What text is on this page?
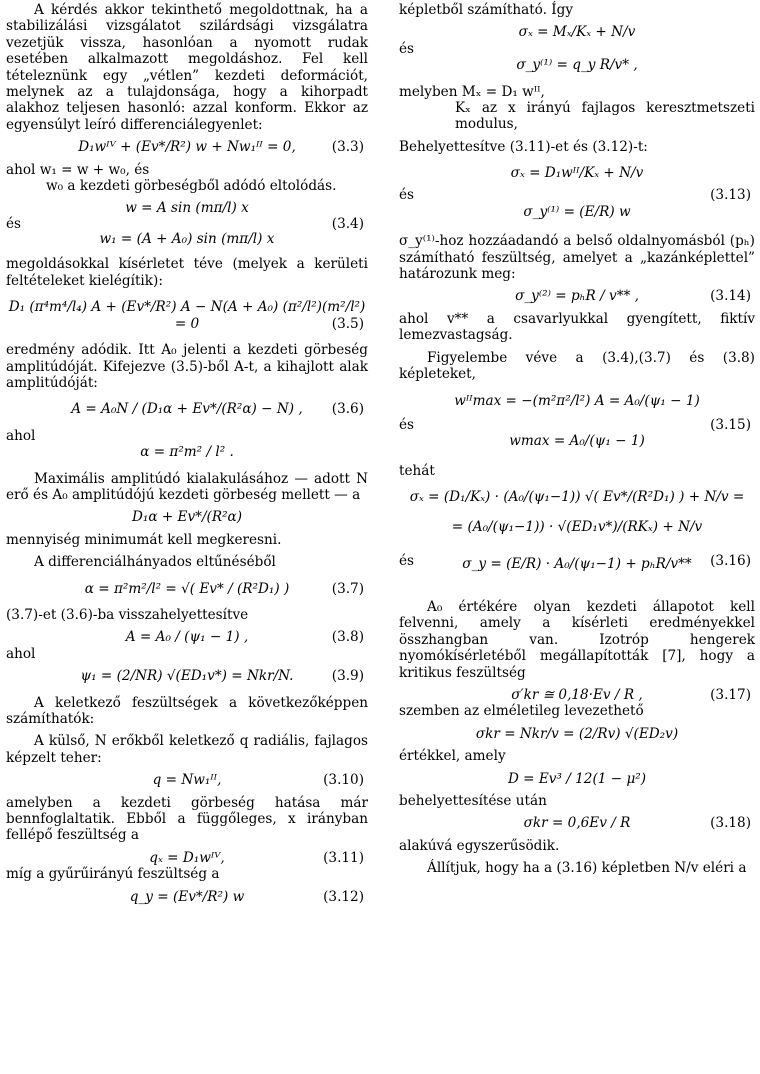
A kérdés akkor tekinthető megoldottnak, ha a stabilizálási vizsgálatot szilárdsági vizsgálatra vezetjük vissza, hasonlóan a nyomott rudak esetében alkalmazott megoldáshoz. Fel kell tételeznünk egy „vétlen” kezdeti deformációt, melynek az a tulajdonsága, hogy a kihorpadt alakhoz teljesen hasonló: azzal konform. Ekkor az egyensúlyt leíró differenciálegyenlet:

D₁wᴵⱽ + (Ev*/R²) w + Nw₁ᴵᴵ = 0,	(3.3)

ahol w₁ = w + w₀, és

w₀ a kezdeti görbeségből adódó eltolódás.

w = A sin (mπ/l) x
és	(3.4)
w₁ = (A + A₀) sin (mπ/l) x

megoldásokkal kísérletet téve (melyek a kerületi feltételeket kielégítik):

D₁ (π⁴m⁴/l₄) A + (Ev*/R²) A − N(A + A₀) (π²/l²)(m²/l²) = 0	(3.5)

eredmény adódik. Itt A₀ jelenti a kezdeti görbeség amplitúdóját. Kifejezve (3.5)-ből A-t, a kihajlott alak amplitúdóját:

A = A₀N / (D₁α + Ev*/(R²α) − N) , (3.6)

ahol

α = π²m² / l² .

Maximális amplitúdó kialakulásához — adott N erő és A₀ amplitúdójú kezdeti görbeség mellett — a

D₁α + Ev*/(R²α)

mennyiség minimumát kell megkeresni.

A differenciálhányados eltűnéséből

α = π²m²/l² = √( Ev* / (R²D₁) )	(3.7)

(3.7)-et (3.6)-ba visszahelyettesítve

A = A₀ / (ψ₁ − 1) ,	(3.8)

ahol

ψ₁ = (2/NR) √(ED₁v*) = Nkr/N.	(3.9)

A keletkező feszültségek a következőképpen számíthatók:

A külső, N erőkből keletkező q radiális, fajlagos képzelt teher:

q = Nw₁ᴵᴵ,	(3.10)

amelyben a kezdeti görbeség hatása már bennfoglaltatik. Ebből a függőleges, x irányban fellépő feszültség a

qₓ = D₁wᴵⱽ,	(3.11)

míg a gyűrűirányú feszültség a

q_y = (Ev*/R²) w	(3.12)

képletből számítható. Így

σₓ = Mₓ/Kₓ + N/v

és

σ_y⁽¹⁾ = q_y R/v* ,

melyben Mₓ = D₁ wᴵᴵ,

Kₓ az x irányú fajlagos keresztmetszeti modulus,

Behelyettesítve (3.11)-et és (3.12)-t:

σₓ = D₁wᴵᴵ/Kₓ + N/v
és	(3.13)
σ_y⁽¹⁾ = (E/R) w

σ_y⁽¹⁾-hoz hozzáadandó a belső oldalnyomásból (pₕ) számítható feszültség, amelyet a „kazánképlettel” határozunk meg:

σ_y⁽²⁾ = pₕR / v** ,	(3.14)

ahol v** a csavarlyukkal gyengített, fiktív lemezvastagság.

Figyelembe véve a (3.4),(3.7) és (3.8) képleteket,

wᴵᴵmax = −(m²π²/l²) A = A₀/(ψ₁ − 1)
és	(3.15)
wmax = A₀/(ψ₁ − 1)

tehát

σₓ = (D₁/Kₓ) · (A₀/(ψ₁−1)) √( Ev*/(R²D₁) ) + N/v =
= (A₀/(ψ₁−1)) · √(ED₁v*)/(RKₓ) + N/v
és	(3.16)
σ_y = (E/R) · A₀/(ψ₁−1) + pₕR/v**

A₀ értékére olyan kezdeti állapotot kell felvenni, amely a kísérleti eredményekkel összhangban van. Izotróp hengerek nyomókísérletéből megállapították [7], hogy a kritikus feszültség

σ′kr ≅ 0,18·Ev / R ,	(3.17)

szemben az elméletileg levezethető

σkr = Nkr/v = (2/Rv) √(ED₂v)

értékkel, amely

D = Ev³ / 12(1 − μ²)

behelyettesítése után

σkr = 0,6Ev / R	(3.18)

alakúvá egyszerűsödik.

Állítjuk, hogy ha a (3.16) képletben N/v eléri a
